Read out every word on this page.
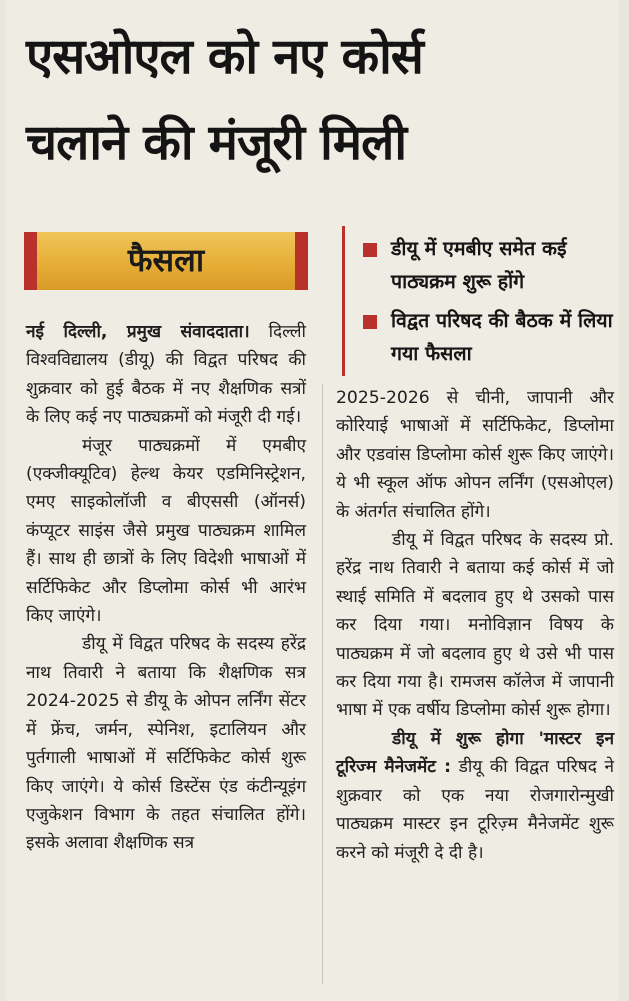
एसओएल को नए कोर्स
चलाने की मंजूरी मिली
फैसला	डीयू में एमबीए समेत कई पाठ्यक्रम शुरू होंगे
विद्वत परिषद की बैठक में लिया गया फैसला

नई दिल्ली, प्रमुख संवाददाता। दिल्ली विश्वविद्यालय (डीयू) की विद्वत परिषद की शुक्रवार को हुई बैठक में नए शैक्षणिक सत्रों के लिए कई नए पाठ्यक्रमों को मंजूरी दी गई।

मंजूर पाठ्यक्रमों में एमबीए (एक्जीक्यूटिव) हेल्थ केयर एडमिनिस्ट्रेशन, एमए साइकोलॉजी व बीएससी (ऑनर्स) कंप्यूटर साइंस जैसे प्रमुख पाठ्यक्रम शामिल हैं। साथ ही छात्रों के लिए विदेशी भाषाओं में सर्टिफिकेट और डिप्लोमा कोर्स भी आरंभ किए जाएंगे।

डीयू में विद्वत परिषद के सदस्य हरेंद्र नाथ तिवारी ने बताया कि शैक्षणिक सत्र 2024-2025 से डीयू के ओपन लर्निंग सेंटर में फ्रेंच, जर्मन, स्पेनिश, इटालियन और पुर्तगाली भाषाओं में सर्टिफिकेट कोर्स शुरू किए जाएंगे। ये कोर्स डिस्टेंस एंड कंटीन्यूइंग एजुकेशन विभाग के तहत संचालित होंगे। इसके अलावा शैक्षणिक सत्र

2025-2026 से चीनी, जापानी और कोरियाई भाषाओं में सर्टिफिकेट, डिप्लोमा और एडवांस डिप्लोमा कोर्स शुरू किए जाएंगे। ये भी स्कूल ऑफ ओपन लर्निंग (एसओएल) के अंतर्गत संचालित होंगे।

डीयू में विद्वत परिषद के सदस्य प्रो. हरेंद्र नाथ तिवारी ने बताया कई कोर्स में जो स्थाई समिति में बदलाव हुए थे उसको पास कर दिया गया। मनोविज्ञान विषय के पाठ्यक्रम में जो बदलाव हुए थे उसे भी पास कर दिया गया है। रामजस कॉलेज में जापानी भाषा में एक वर्षीय डिप्लोमा कोर्स शुरू होगा।

डीयू में शुरू होगा 'मास्टर इन टूरिज्म मैनेजमेंट : डीयू की विद्वत परिषद ने शुक्रवार को एक नया रोजगारोन्मुखी पाठ्यक्रम मास्टर इन टूरिज़्म मैनेजमेंट शुरू करने को मंजूरी दे दी है।
